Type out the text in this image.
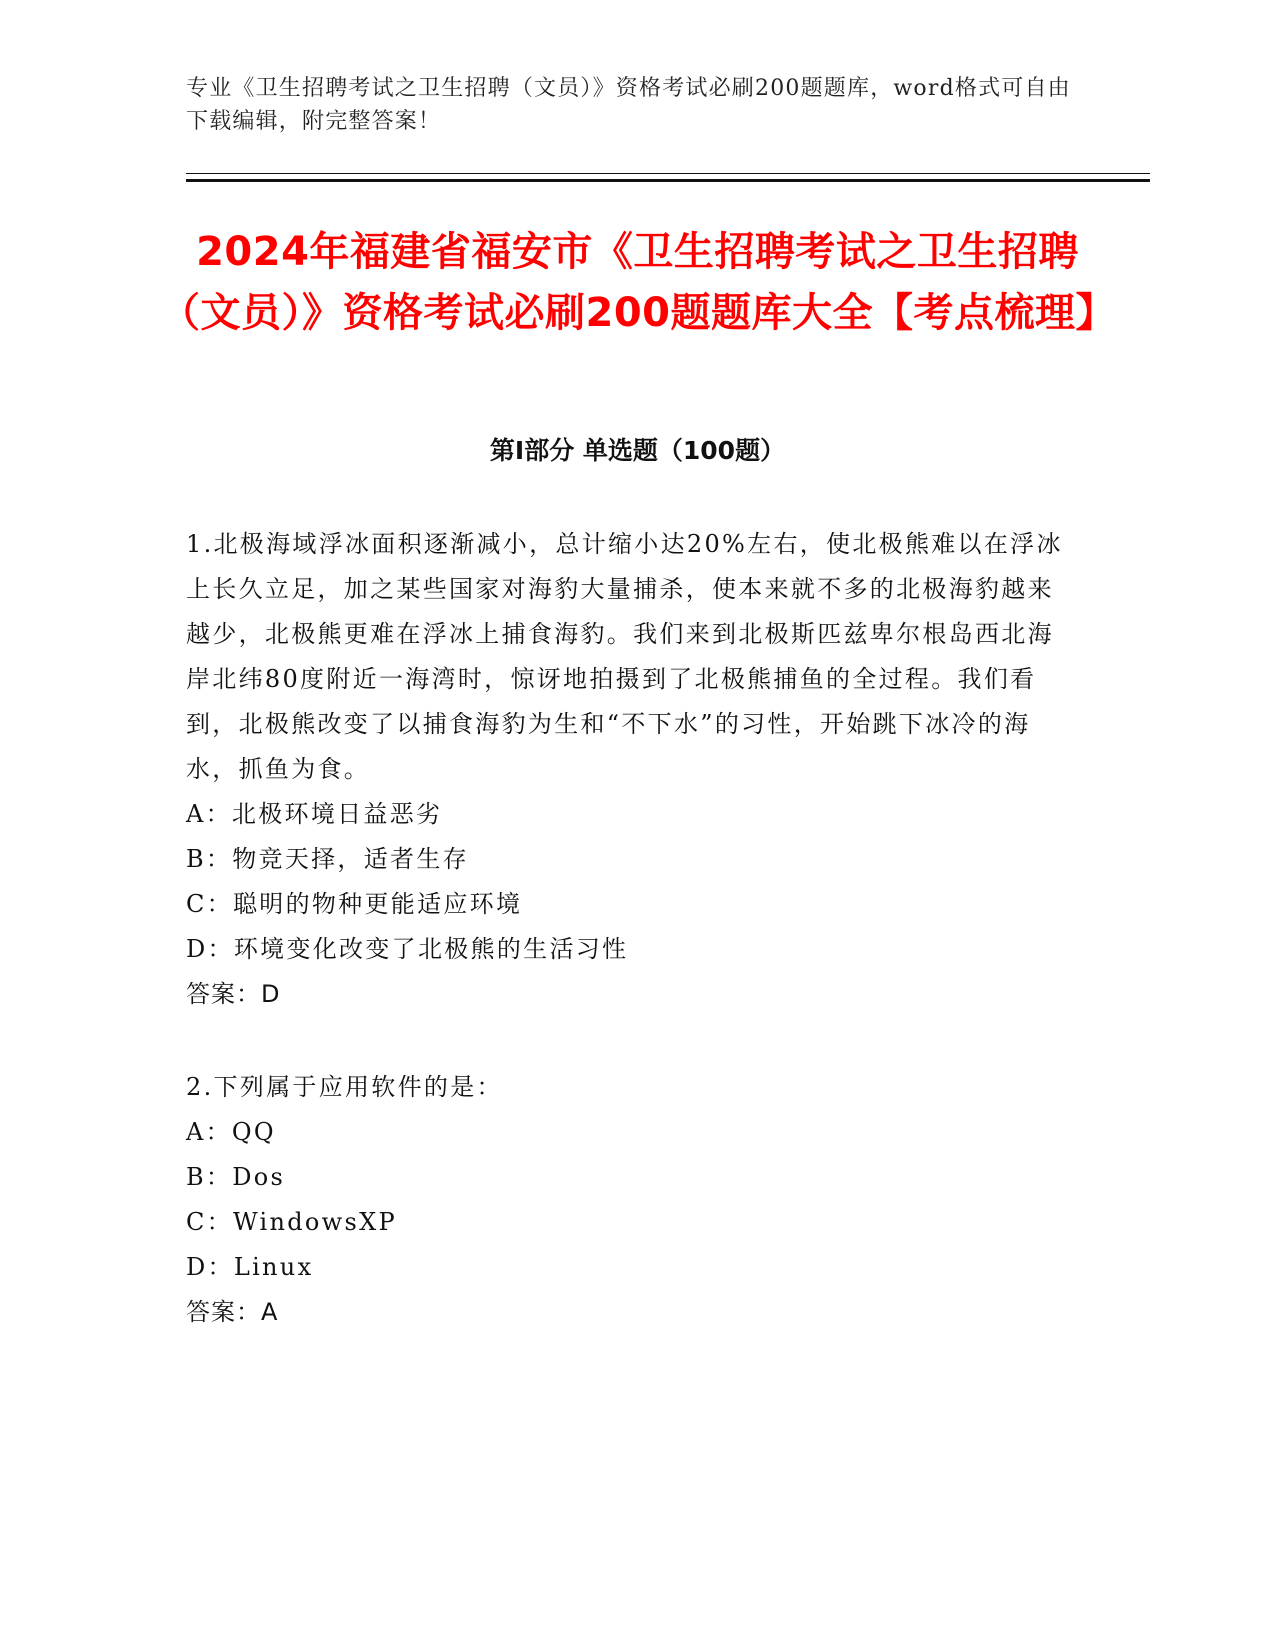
专业《卫生招聘考试之卫生招聘（文员）》资格考试必刷200题题库，word格式可自由下载编辑，附完整答案！
2024年福建省福安市《卫生招聘考试之卫生招聘（文员）》资格考试必刷200题题库大全【考点梳理】
第Ⅰ部分 单选题（100题）

1.北极海域浮冰面积逐渐减小，总计缩小达20%左右，使北极熊难以在浮冰上长久立足，加之某些国家对海豹大量捕杀，使本来就不多的北极海豹越来越少，北极熊更难在浮冰上捕食海豹。我们来到北极斯匹兹卑尔根岛西北海岸北纬80度附近一海湾时，惊讶地拍摄到了北极熊捕鱼的全过程。我们看到，北极熊改变了以捕食海豹为生和“不下水”的习性，开始跳下冰冷的海水，抓鱼为食。

A：北极环境日益恶劣

B：物竞天择，适者生存

C：聪明的物种更能适应环境

D：环境变化改变了北极熊的生活习性

答案：D

2.下列属于应用软件的是：

A：QQ

B：Dos

C：WindowsXP

D：Linux

答案：A
